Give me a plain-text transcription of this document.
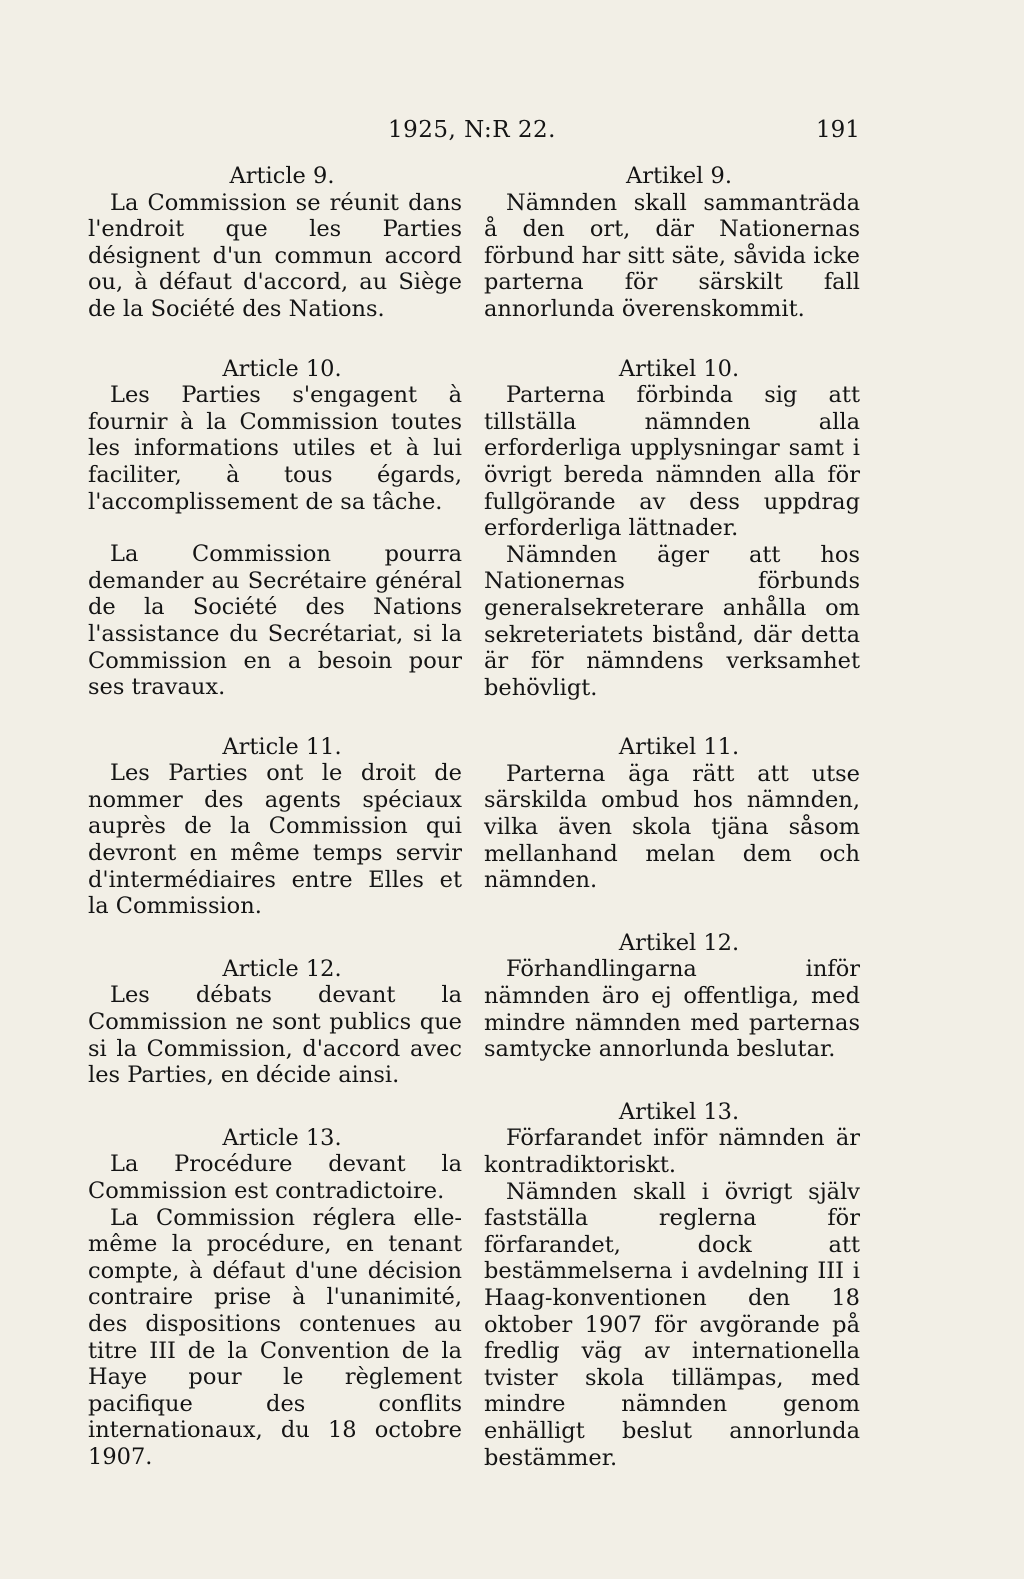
1925, N:R 22.	191

Article 9.

La Commission se réunit dans l'endroit que les Parties désignent d'un commun accord ou, à défaut d'accord, au Siège de la Société des Nations.

Article 10.

Les Parties s'engagent à fournir à la Commission toutes les informations utiles et à lui faciliter, à tous égards, l'accomplissement de sa tâche.

La Commission pourra demander au Secrétaire général de la Société des Nations l'assistance du Secrétariat, si la Commission en a besoin pour ses travaux.

Article 11.

Les Parties ont le droit de nommer des agents spéciaux auprès de la Commission qui devront en même temps servir d'intermédiaires entre Elles et la Commission.

Article 12.

Les débats devant la Commission ne sont publics que si la Commission, d'accord avec les Parties, en décide ainsi.

Article 13.

La Procédure devant la Commission est contradictoire.

La Commission réglera elle-même la procédure, en tenant compte, à défaut d'une décision contraire prise à l'unanimité, des dispositions contenues au titre III de la Convention de la Haye pour le règlement pacifique des conflits internationaux, du 18 octobre 1907.

Artikel 9.

Nämnden skall sammanträda å den ort, där Nationernas förbund har sitt säte, såvida icke parterna för särskilt fall annorlunda överenskommit.

Artikel 10.

Parterna förbinda sig att tillställa nämnden alla erforderliga upplysningar samt i övrigt bereda nämnden alla för fullgörande av dess uppdrag erforderliga lättnader.

Nämnden äger att hos Nationernas förbunds generalsekreterare anhålla om sekreteriatets bistånd, där detta är för nämndens verksamhet behövligt.

Artikel 11.

Parterna äga rätt att utse särskilda ombud hos nämnden, vilka även skola tjäna såsom mellanhand melan dem och nämnden.

Artikel 12.

Förhandlingarna inför nämnden äro ej offentliga, med mindre nämnden med parternas samtycke annorlunda beslutar.

Artikel 13.

Förfarandet inför nämnden är kontradiktoriskt.

Nämnden skall i övrigt själv fastställa reglerna för förfarandet, dock att bestämmelserna i avdelning III i Haag-konventionen den 18 oktober 1907 för avgörande på fredlig väg av internationella tvister skola tillämpas, med mindre nämnden genom enhälligt beslut annorlunda bestämmer.
